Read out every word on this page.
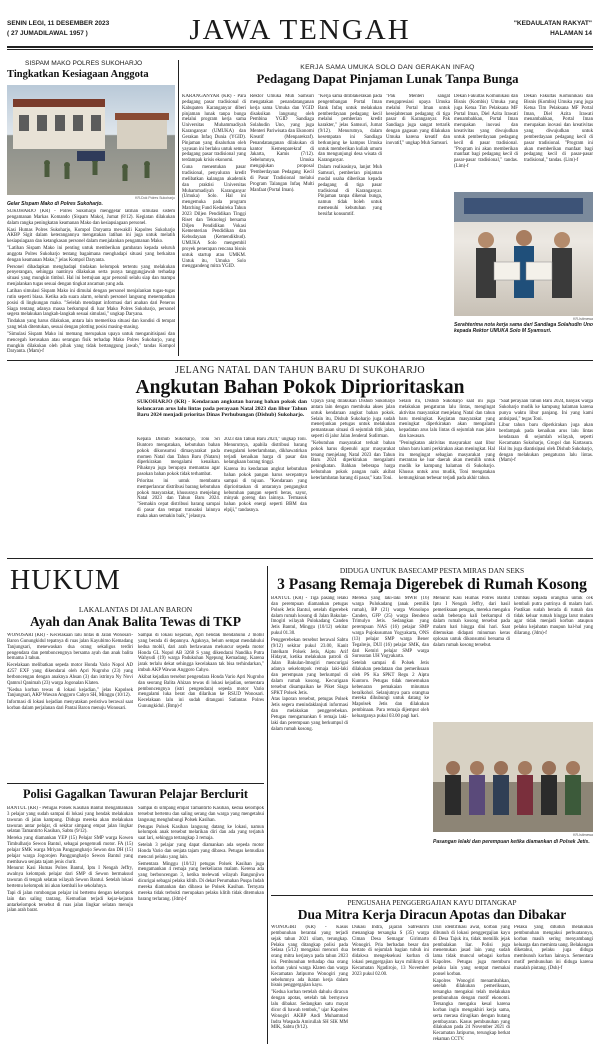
SENIN LEGI, 11 DESEMBER 2023
( 27 JUMADILAWAL 1957 )	JAWA TENGAH	"KEDAULATAN RAKYAT"
HALAMAN 14
SISPAM MAKO POLRES SUKOHARJO
Tingkatkan Kesiagaan Anggota
KR-Dok Polres Sukoharjo
Gelar Sispam Mako di Polres Sukoharjo.

SUKOHARJO (KR) - Polres Sukoharjo menggelar latihan simulasi sistem pengamanan Markas Komando (Sispam Mako), Jumat (8/12). Kegiatan dilakukan dalam rangka peningkatan keamanan Mako dan kesiapsiagaan personel.

Kasi Humas Polres Sukoharjo, Kompol Daryanta mewakili Kapolres Sukoharjo AKBP Sigit dalam keterangannya mengatakan latihan ini juga untuk melatih kesiapsiagaan dan ketangkasan personel dalam menjalankan pengamanan Mako.

"Latihan Sispam Mako ini penting untuk memberikan gambaran kepada seluruh anggota Polres Sukoharjo tentang bagaimana menghadapi situasi yang berkaitan dengan keamanan Mako," jelas Kompol Daryanta.

Personel dihadapkan menghadapi tindakan kelompok tertentu yang melakukan penyerangan, sehingga nantinya dilakukan serta punya tanggungjawab terhadap situasi yang mungkin timbul. Hal ini bertujuan agar personil selalu siap dan mampu menjalankan tugas sesuai dengan tingkat ancaman yang ada.

Latihan simulasi Sispam Mako ini dimulai dengan personel menjalankan tugas-tugas rutin seperti biasa. Ketika ada suara alarm, seluruh personel langsung menempatkan posisi di lingkungan mako. "Selelah mendapat informasi dari anahan dari Penerus Siaga tentang adanya massa berkumpul di luar Mako Polres Sukoharjo, personel segera melakukan langkah-langkah sesuai simulasi," ungkap Daryana.

Tindakan yang harus dilakukan, antara lain memeriksa situasi dan kondisi di tempat yang telah ditentukan, sesuai dengan plotting posisi masing-masing.

"Simulasi Sispam Mako ini memang merupakan upaya untuk menganitisipasi dan mencegah kerusakan atau serangan fisik terhadap Mako Polres Sukoharjo, yang mungkin dilakukan oleh pihak yang tidak bertanggung jawab," tandas Kompol Daryanta. (Mam)-f

KERJA SAMA UMUKA SOLO DAN GERAKAN INFAQ
Pedagang Dapat Pinjaman Lunak Tanpa Bunga

KARANGANYAR (KR) - Para pedagang pasar tradisional di Kabupaten Karanganyar diberi pinjaman lunak tanpa bunga melalui program kerja sama Universitas Muhammadiyah Karanganyar (UMUKA) dan Gerakan Infaq Dunia (YGID). Pinjaman yang disalurkan oleh yayasan ini berlaku untuk semua pedagang pasar tradisional yang terdampak krisis ekonomi.

Guna menentukan pasar tradisional, penyaluran kredit melibatkan kalangan akademik dan praktisi Universitas Muhammadiyah Karanganyar (Umuka) Solo. Hal ini mengemuka pada program Matching Fund Kedaireka Tahun 2023 Diljen Pendidikan Tinggi Riset dan Teknologi bersama Diljen Pendidikan Vokasi Kementerian Pendidikan dan Kebudayaan (Kemendikbud). UMUKA Solo mengembil proyek penerapan rencana bisnis untuk startup atau UMKM. Untuk itu, Umuka Solo menggandeng mitra YGID.

Rektor Umuka Muh Samsuri mengatakan penandatanganan kerja sama Umuka dan YGID disaksikan langsung oleh Pembina YGID Sandiaga Solahudin Uno, yang juga Menteri Pariwisata dan Ekonomi Kreatif (Menparekraf). Penandatanganan dilakukan di kantor Kemenparekraf di Jakarta, Kamis (7/12). Sebelumnya, Umuka mengajukan proposal 'Pemberdayaan Pedagang Kecil di Pasar Tradisional melalui Program Talangan Infaq Multi Manfaat (Portal Iman).

"Kerja sama ditiblakerakan pada pengembangan Portal Iman Bank Infaq untuk melakukan pemberdayaan pedagang kecil melalui pemberian kredit karakter," jelas Samsuri, Jumat (9/12). Menurutnya, dalam kesempatan ini Sandiaga berkunjung ke kampus Umuka untuk memberikan kuliah umum dan mengunjungi desa wisata di Karanganyar.

Dalam realisasinya, lanjut Muh Samsuri, pemberian pinjaman modal usaha diberikan kepada pedagang di tiga pasar tradisional di Karanganyar. Pinjaman tanpa dikenai bunga, namun tidak boleh untuk memenuhi kebutuhan yang bersifat konsumtif.

"Pak Menteri sangat mengapresiasi upaya Umuka melalui Portal Iman untuk kesejahteraan pedagang di tiga pasar di Karanganyar. Pak Sandiaga juga sangat tertarik dengan gagasan yang dilakukan Umuka karena kreatif dan inovatif," ungkap Muh Samsuri.

Dekan Fakultas Komunikasi dan Bisnis (Kombis) Umuka yang juga Ketua Tim Pelaksana MF Portal Iman, Diel Azita Irawati menambahkan, Portal Iman merupakan inovasi dan kreativitas yang diwujudkan untuk pemberdayaan pedagang kecil di pasar tradisional. "Program ini akan memberikan manfaat bagi pedagang kecil di pasar-pasar tradisional," tandas. (Lim)-f

KR-Istimewa
Serahterima nota kerja sama dari Sandiaga Solahudin Uno kepada Rektor UMUKA Solo M Syamsuri.

Dekan Fakultas Komunikasi dan Bisnis (Kombis) Umuka yang juga Ketua Tim Pelaksana MF Portal Iman, Diel Azita Irawati menambahkan, Portal Iman merupakan inovasi dan kreativitas yang diwujudkan untuk pemberdayaan pedagang kecil di pasar tradisional. "Program ini akan memberikan manfaat bagi pedagang kecil di pasar-pasar tradisional," tandas. (Lim)-f

JELANG NATAL DAN TAHUN BARU DI SUKOHARJO
Angkutan Bahan Pokok Diprioritaskan

SUKOHARJO (KR) - Kendaraan angkutan barang bahan pokok dan kelancaran arus lalu lintas pada perayaan Natal 2023 dan libur Tahun Baru 2024 menjadi prioritas Dinas Perhubungan (Dishub) Sukoharjo.

Kepala Dishub Sukoharjo, Toni Sri Buntoro mengatakan, kebutuhan bahan pokok dikonsumsi dimasyarakat pada momen Natal dan Tahun Baru (Nataru) diperkirakan mengalami kenaikan. Pihaknya juga berupaya memantau agar pasokan bahan pokok tidak terhambat.

Prioritas ini untuk membantu memperlancar distribusi barang kebutuhan pokok masyarakat, khususnya menjelang Natal 2023 dan Tahun Baru 2024. "Semakin cepat distribusi barang sampai di pasar dan tempat transaksi lainnya maka akan semakin baik," jelasnya.

2023 dan Tahun Baru 2024," ungkap Toni. Menurutnya, apabila distribusi barang mengalami keterlambatan, dikhawatirkan terjadi kenaikan harga di pasar dan kelangkaan barang tinggi.

Karena itu kendaraan angkut kebutuhan bahan pokok pangan harus secepatnya sampai di tujuan. "Kendaraan yang diprioritaskan di antaranya pengangkut kebutuhan pangan seperti beras, sayur, minyak goreng dan lainnya. Termasuk bahan pokok energi seperti BBM dan elpiji," tandasnya.

Upaya yang dilakukan Dishub Sukoharjo antara lain dengan membuka akses jalan untuk kendaraan angkut bahan pokok. Selain itu, Dishub Sukoharjo juga sudah menerjunkan petugas untuk melakukan pemantauan situasi di sejumlah titik jalan, seperti di jalur Jalan Jenderal Sudirman.

"Kebutuhan masyarakat terkait bahan pokok harus dipenuhi agar masyarakat tenang menjelang Natal 2023 dan Tahun Baru 2024 diperkirakan mengalami peningkatan. Bahkan beberapa harga kebutuhan pokok pangan naik akibat keterlambatan barang di pasar," kata Toni.

Selain itu, Dishub Sukoharjo saat ini juga melakukan pengaturan lalu lintas, mengingat aktivitas masyarakat menjelang Natal dan tahun baru meningkat. Kegiatan masyarakat yang meningkat diperkirakan akan mengalami kepadatan arus lalu lintas di sejumlah ruas jalan dan kawasan.

"Peningkatan aktivitas masyarakat saat libur tahun baru kami perkirakan akan meningkat. Hal itu mengingat sebagian masyarakat yang merantau ke luar daerah akan memilih untuk mudik ke kampung halaman di Sukoharjo. Khusus untuk arus mudik, Toni mengatakan kemungkinan terbesar terjadi pada akhir tahun.

"Saat perayaan Tahun Baru 2024, banyak warga Sukoharjo mudik ke kampung halaman karena punya waktu libur panjang. Ini yang kami antisipasi," tegas Toni.

Libur tahun baru diperkirakan juga akan berdampak pada kenaikan arus lalu lintas kendaraan di sejumlah wilayah, seperti Kecamatan Sukoharjo, Grogol dan Kartasura. Hal itu juga diantisipasi oleh Dishub Sukoharjo, dengan melakukan pengaturan lalu lintas. (Mam)-f

HUKUM
LAKALANTAS DI JALAN BARON
Ayah dan Anak Balita Tewas di TKP

WONOSARI (KR) - Kecelakaan lalu lintas di Jalan Wonosari-Baron Gunungkidul tepatnya di ruas jalan Kayubimo Kemadang Tanjungsari, menewaskan dua orang sekaligus terdiri pengendara dan pemboncengnya bersama ayah dan anak balita bernama 3 tahun.

Kecelakaan melibatkan sepeda motor Honda Vario Nopol AD 4257 EXF yang dikendarai oleh Apri Nugroho (23) yang berboncengan dengan anaknya Ahsan (3) dan istrinya Ny Novi Qamrul Qanimah (23) warga Jogonalan Klaten.

"Kedua korban tewas di lokasi kejadian," jelas Kapolsek Tanjungsari, AKP Wawan Anggoro Cahyo SH, Minggu (10/12).

Informasi di lokasi kejadian menyatakan peristiwa berawal saat korban dalam perjalanan dari Pantai Baron menuju Wonosari.

Sampai di lokasi kejadian, Apri hendak mendahului 2 mobil yang berada di depannya. Agaknya, belum sempat mendahului kedua mobil, dari arah berlawanan meluncur sepeda motor Honda GL Nopol AB 3268 S yang dikendarai Nandika Putra Wahyudi (19) warga Padukuhan Ngepung Kemadang. Karena jarak terlalu dekat sehingga kecelakaan tak bisa terhindarkan," imbuh AKP Wawan Anggoro Cahyo.

Akibat kejadian tersebut pengendara Honda Vario Apri Nugroho dan seorang Balita Ahizan tewas di lokasi kejadian, sementara pemboncengnya (istri pengendara) sepeda motor Vario mengalami luka berat dan dilarikan ke RSUD Wonosari. Kecelakaan lalu ini sudah ditangani Satlantas Polres Gunungkidul. (Bmp)-f

Polisi Gagalkan Tawuran Pelajar Berclurit

BANTUL (KR) - Petugas Polsek Kasihan Bantul mengamankan 3 pelajar yang sudah sampai di lokasi yang hendak melakukan tawuran di jalan kampung. Diduga mereka akan melakukan tawuran antar pelajar, di sekitar simpang empat jalan lingkar selatan Tamantirto Kasihan, Sabtu (9/12).

Mereka yang diamankan YEP (15) Pelajar SMP warga Kowen Timbulharjo Sewon Bantul, sebagai pengemudi motor. FA (15) pelajar SMK warga Mriyan Panggungharjo Sewon dan DH (15) pelajar warga Jogorojen Panggungharjo Sewon Bantul yang membawa senjata tajam jenis clurit.

Menurut Kasi Humas Polres Bantul, Iptu I Nengah Jeffry, awalnya kelompok pelajar dari SMP di Sewon bermaksud tawuran di tengah selatan wilayah Sewon Bantul. Setelah lokasi bertemu kelompok ini akan kembali ke sekolahnya.

Tapi di jalan rombongan pelajar ini bertemu dengan kelompok lain dan saling tantang. Kemudian terjadi kejar-kejaran antarkelompok tersebut di ruas jalan lingkar selatan menuju jalan arah barat.

Sampai di simpang empat Tamantirto Kasihan, kedua kelompok tersebut bertemu dan saling serang dan warga yang mengetahui langsung menghubungi Polsek Kasihan.

Petugas Polsek Kasihan langsung datang ke lokasi, namun kelompok anak tersebut melarikan diri dan ada yang terjatuh saat lari, sehingga tertangkap 3 remaja.

Setelah 3 pelajar yang dapat diamankan ada sepeda motor Honda Vario dan senjata tajam yang dibawa. Petugas kemudian mencari pelaku yang lain.

Sementara Minggu (10/12) petugas Polsek Kasihan juga mengamankan 4 remaja yang berkeliaran malam. Kerena ada yang berboncengan 3, ketika melewati wilayah Bangunjiwa dicurigai sebagai pelaku klitih. Di dekat Perumahan Puspa Indah mereka diamankan dan dibawa ke Polsek Kasihan. Ternyata mereka tidak terbukti merupakan pelaku klitih tidak ditemukan barang terlarang. (Jdm)-f

DIDUGA UNTUK BASECAMP PESTA MIRAS DAN SEKS
3 Pasang Remaja Digerebek di Rumah Kosong

BANTUL (KR) - Tiga pasang lelaki dan perempuan diamankan petugas Polsek Jetis Bantul, setelah digerebek dalam rumah kosong di Jalan Bakulan-Imogiri wilayah Pulokadang Canden Jetis Bantul, Minggu (10/12) sekitar pukul 01.30.

Penggerebekan tersebut berawal Sabtu (9/12) sekitar pukul 23.00, Kanit Intelkam Polsek Jetis, Aiptu Arif Hidayat, ketika melakukan patroli di Jalan Bakulan-Imogiri mencurigai adanya sekelompok remaja laki-laki dan perempuan yang berkumpul di dalam rumah kosong. Kecurigaan tersebut disampaikan ke Piket Siaga SPKT Polsek Jetis.

Atas laporan tersebut, petugas Polsek Jetis segera menindaklanjuti informasi dan melakukan penggerebekan. Petugas mengamankan 6 remaja laki-laki dan perempuan yang berkumpul di dalam rumah kosong.

Mereka yang laki-laki MWB (16) warga Pulokadang (anak pemilik rumah), BP (21) warga Wonolopo Canden, GFP (25) warga Bendeno Trimulyo Jetis. Sedangkan yang perempuan NAS (16) pelajar SMP warga Pujokusuman Yogyakarta, ONS (13) pelajar SMP warga Bener Tegalrejo, DUI (16) pelajar SMK, dan dari Kemiri pelajar SMP warga Surosutan UH Yogyakarta.

Setelah sampai di Polsek Jetis dilakukan pendataan dan pemeriksaan oleh PS Ka SPKT Regu 2 Aiptu Kuntoro. Petugas tidak menemukan kebenaran pemakaian minuman beralkohol. Selanjutnya para orangtua mereka dihubungi untuk datang ke Mapolsek Jetis dan dilakukan pembinaan. Para remaja dijemput oleh keluarganya pukul 03.00 pagi hari.

Menurut Kasi Humas Polres Bantul Iptu I Nengah Jeffry, dari hasil pemeriksaan petugas, mereka mengaku sudah beberapa kali berkumpul di dalam rumah kosong tersebut pada malam hari hingga dini hari. Saat ditemukan didapati minuman keras oplosan untuk dikonsumsi bersama di dalam rumah kosong tersebut.

Dimbau kepada orangtua untuk cek kembali putra putrinya di malam hari. Pastikan sudah berada di rumah dan tidak keluar rumah hingga larut malam agar tidak menjadi korban ataupun pelaku kejahatan maupun hal-hal yang dilarang. (Jdm)-f

KR-Istimewa
Pasangan lelaki dan perempuan ketika diamankan di Polsek Jetis.

PENGUSAHA PENGGERGAJIAN KAYU DITANGKAP
Dua Mitra Kerja Diracun Apotas dan Dibakar

WONOGIRI (KR) - Kasus pembunuhan berantai yang terjadi sejak tahun 2021 silam, terungkap. Pelaku yang ditangkap polisi pada Selasa (5/12) mengakui mencuri dua orang mitra kerjanya pada tahun 2023 ini. Pembunuhan terhadap dua orang korban yakni warga Klaten dan warga Kecamatan Jatipurno Wonogiri yang sebelumnya ada ikatan kerja dalam bisnis penggergajian kayu.

"Kedua korban tertelah dahulu diracun dengan apotas, setelah tak bernyawa lalu dibakar. Sedangkan satu mayat dicor di bawah tembok," ujar Kapolres Wonogiri AKBP Andi Muhammad Indra Waspada Amirullah SH SIK MM MIK, Sabtu (9/12).

Dukasi Indra, jajaran Satreskrim menangkap tersangka S (35) warga Ciman Desa Semagar Girimarto Wonogiri. Pria berbadan besar dan bertato di sejumlah bagian tubuh ini didakwa mengeksekusi korban di lokasi penggergajian kayu miliknya di Kecamatan Ngadirojo, 13 November 2023 pukul 02.00.

Dari identifikasi awal, korban yang dibunuh di lokasi penggergajian kayu di Desa Tajuk itu, tidak memilik jejak pembalakan liar. Polisi juga menemukan jasad lain yang sudah lama tidak muncul sebagai korban Kapolres. Petugas juga memburu pelaku lain yang sempat memakai ponsel korban.

Kapolres Wonogiri menambahkan, setelah dilakukan pemeriksaan, tersangka mengakui telah melakukan pembunuhan dengan motif ekonomi. Tersangka mengaku kesal karena korban ingin mengakhiri kerja sama, serta merasa dirugikan dengan hutang pembayaran. Kasus pembunuhan yang dilakukan pada 24 November 2021 di Kecamatan Jatipurno, terungkap berkat rekaman CCTV.

Pelaku yang dituduh melakukan pembunuhan mengakui perbuatannya, korban masih sering menyambangi keluarga dan meminta uang. Belakangan diketahui, pelaku juga diduga membunuh korban lainnya. Sementara motif pembunuhan ini diduga karena masalah piutang. (Dsh)-f
